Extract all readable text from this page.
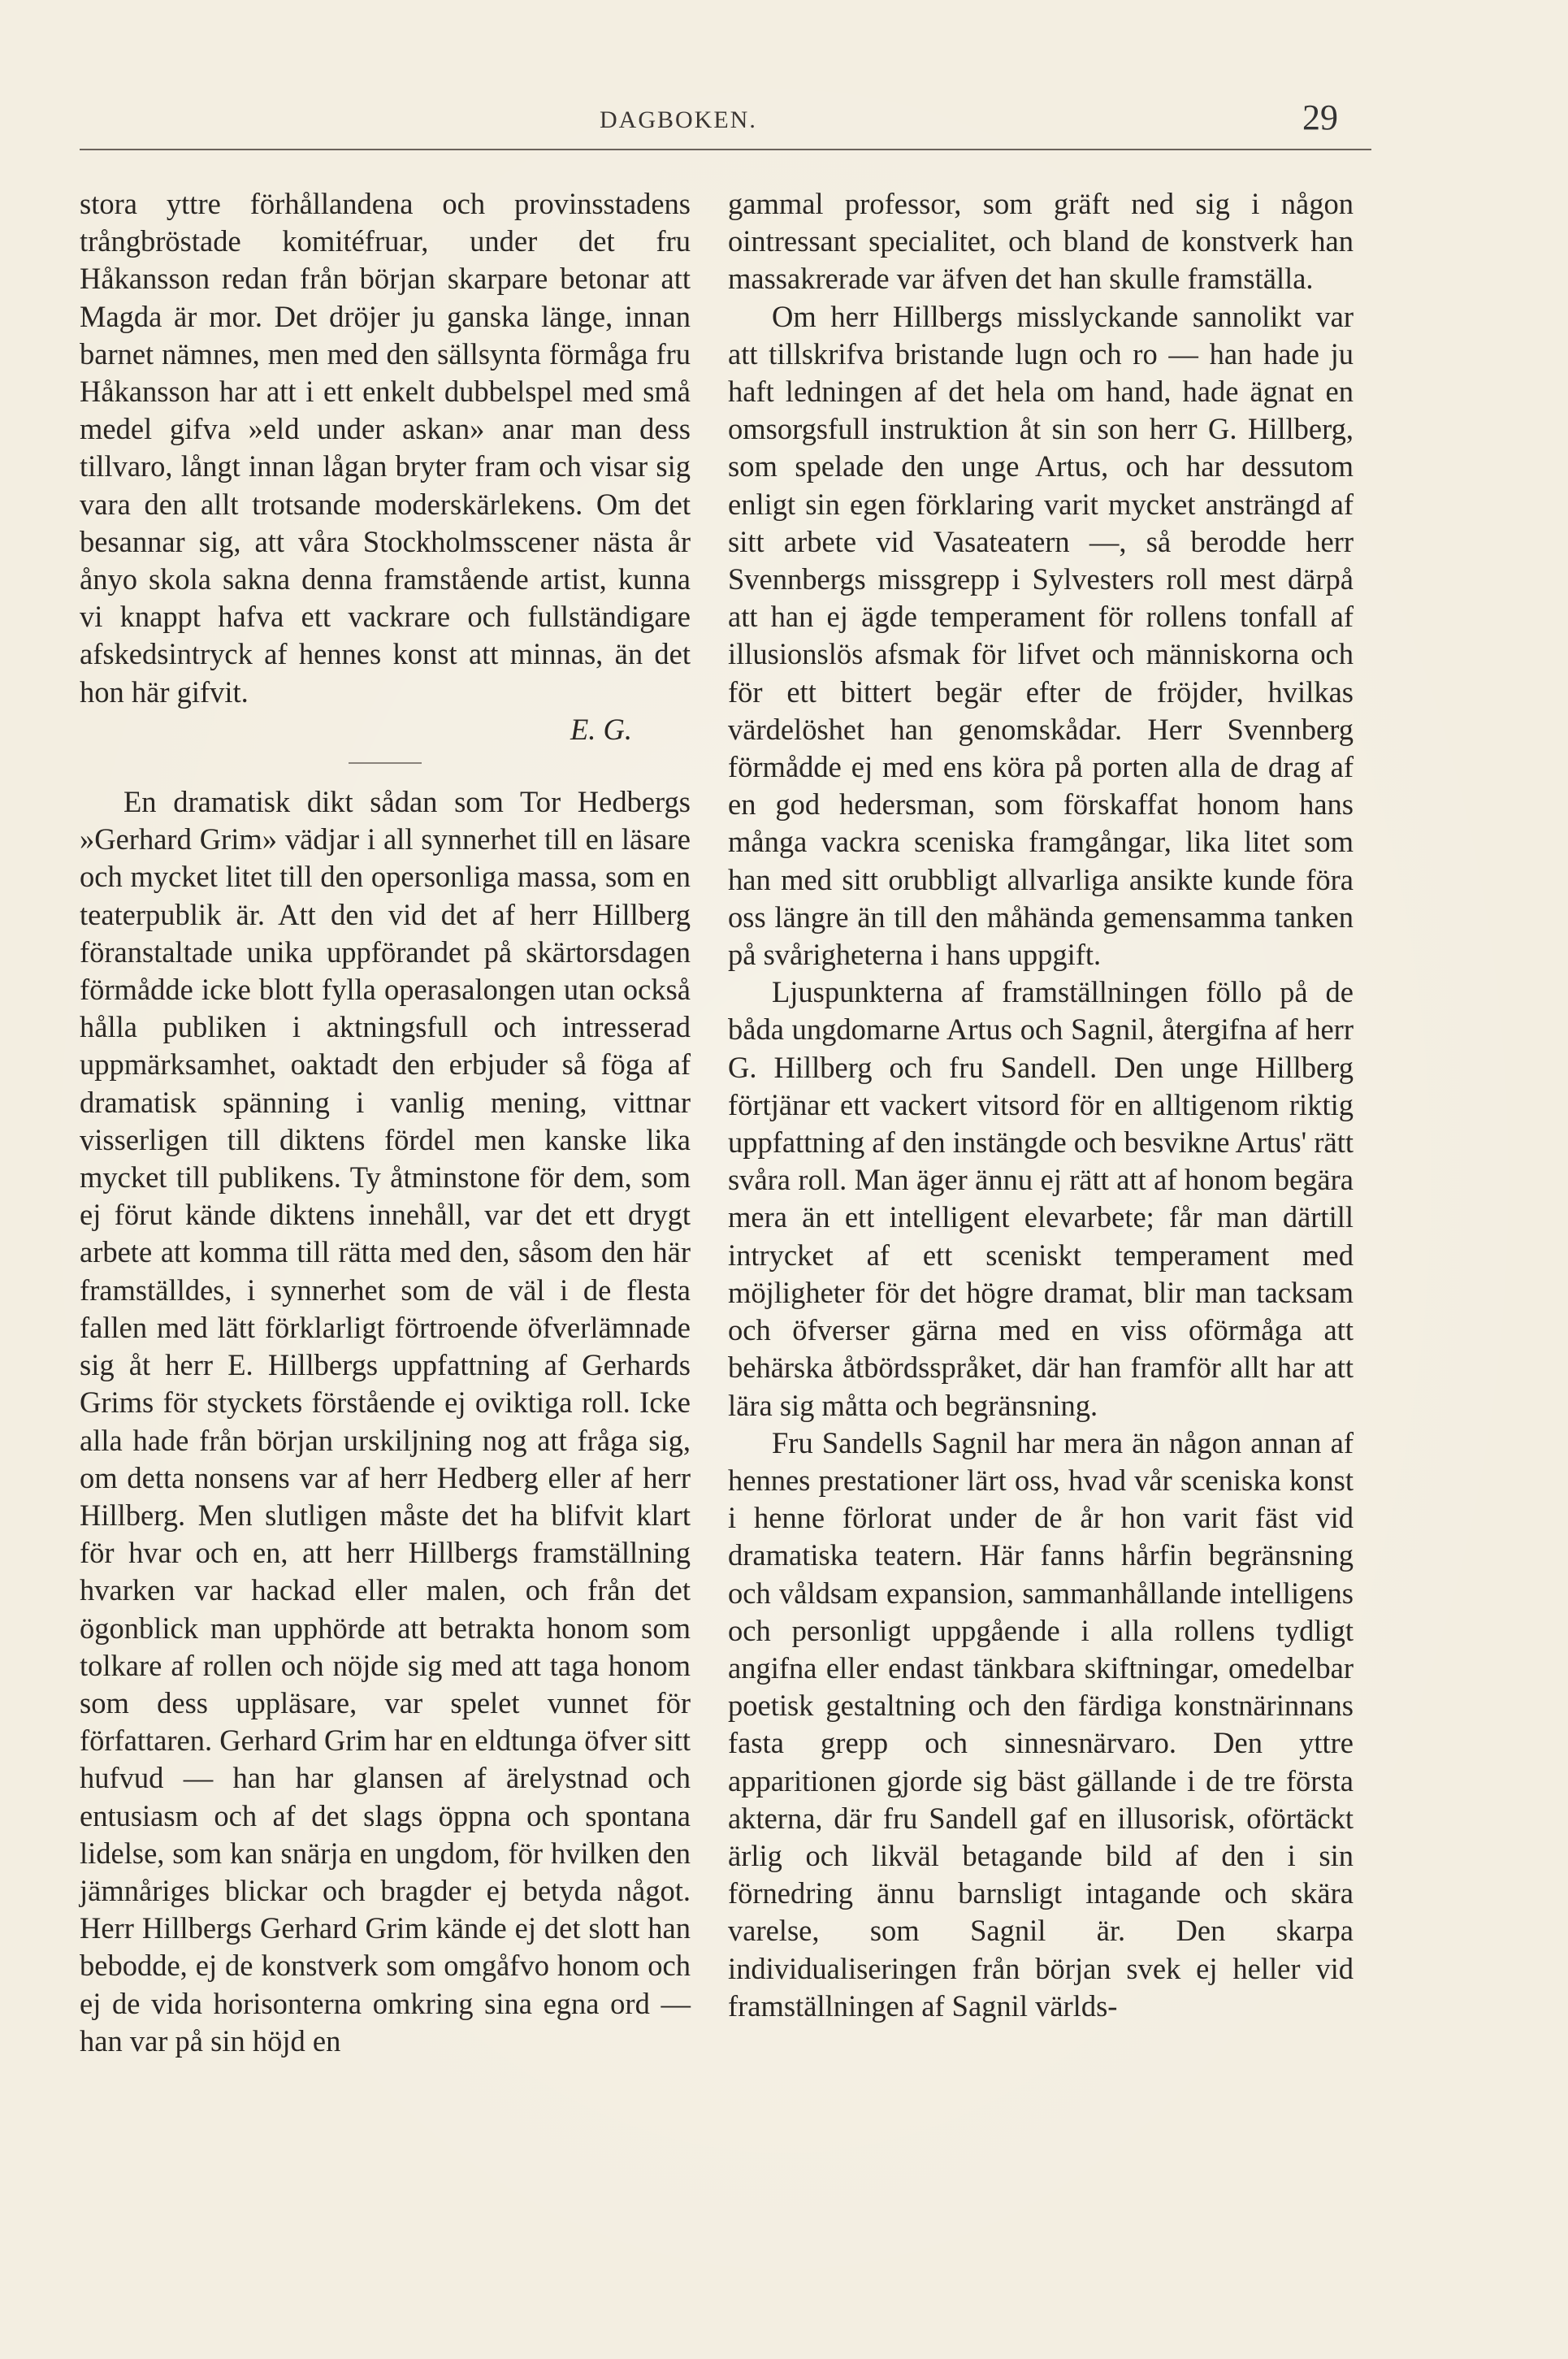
DAGBOKEN.	29

stora yttre förhållandena och provinsstadens trångbröstade komitéfruar, under det fru Håkansson redan från början skarpare betonar att Magda är mor. Det dröjer ju ganska länge, innan barnet nämnes, men med den sällsynta förmåga fru Håkansson har att i ett enkelt dubbelspel med små medel gifva »eld under askan» anar man dess tillvaro, långt innan lågan bryter fram och visar sig vara den allt trotsande moderskärlekens. Om det besannar sig, att våra Stockholmsscener nästa år ånyo skola sakna denna framstående artist, kunna vi knappt hafva ett vackrare och fullständigare afskedsintryck af hennes konst att minnas, än det hon här gifvit.

E. G.

En dramatisk dikt sådan som Tor Hedbergs »Gerhard Grim» vädjar i all synnerhet till en läsare och mycket litet till den opersonliga massa, som en teaterpublik är. Att den vid det af herr Hillberg föranstaltade unika uppförandet på skärtorsdagen förmådde icke blott fylla operasalongen utan också hålla publiken i aktningsfull och intresserad uppmärksamhet, oaktadt den erbjuder så föga af dramatisk spänning i vanlig mening, vittnar visserligen till diktens fördel men kanske lika mycket till publikens. Ty åtminstone för dem, som ej förut kände diktens innehåll, var det ett drygt arbete att komma till rätta med den, såsom den här framställdes, i synnerhet som de väl i de flesta fallen med lätt förklarligt förtroende öfverlämnade sig åt herr E. Hillbergs uppfattning af Gerhards Grims för styckets förstående ej oviktiga roll. Icke alla hade från början urskiljning nog att fråga sig, om detta nonsens var af herr Hedberg eller af herr Hillberg. Men slutligen måste det ha blifvit klart för hvar och en, att herr Hillbergs framställning hvarken var hackad eller malen, och från det ögonblick man upphörde att betrakta honom som tolkare af rollen och nöjde sig med att taga honom som dess uppläsare, var spelet vunnet för författaren. Gerhard Grim har en eldtunga öfver sitt hufvud — han har glansen af ärelystnad och entusiasm och af det slags öppna och spontana lidelse, som kan snärja en ungdom, för hvilken den jämnåriges blickar och bragder ej betyda något. Herr Hillbergs Gerhard Grim kände ej det slott han bebodde, ej de konstverk som omgåfvo honom och ej de vida horisonterna omkring sina egna ord — han var på sin höjd en

gammal professor, som gräft ned sig i någon ointressant specialitet, och bland de konstverk han massakrerade var äfven det han skulle framställa.

Om herr Hillbergs misslyckande sannolikt var att tillskrifva bristande lugn och ro — han hade ju haft ledningen af det hela om hand, hade ägnat en omsorgsfull instruktion åt sin son herr G. Hillberg, som spelade den unge Artus, och har dessutom enligt sin egen förklaring varit mycket ansträngd af sitt arbete vid Vasateatern —, så berodde herr Svennbergs missgrepp i Sylvesters roll mest därpå att han ej ägde temperament för rollens tonfall af illusionslös afsmak för lifvet och människorna och för ett bittert begär efter de fröjder, hvilkas värdelöshet han genomskådar. Herr Svennberg förmådde ej med ens köra på porten alla de drag af en god hedersman, som förskaffat honom hans många vackra sceniska framgångar, lika litet som han med sitt orubbligt allvarliga ansikte kunde föra oss längre än till den måhända gemensamma tanken på svårigheterna i hans uppgift.

Ljuspunkterna af framställningen föllo på de båda ungdomarne Artus och Sagnil, återgifna af herr G. Hillberg och fru Sandell. Den unge Hillberg förtjänar ett vackert vitsord för en alltigenom riktig uppfattning af den instängde och besvikne Artus' rätt svåra roll. Man äger ännu ej rätt att af honom begära mera än ett intelligent elevarbete; får man därtill intrycket af ett sceniskt temperament med möjligheter för det högre dramat, blir man tacksam och öfverser gärna med en viss oförmåga att behärska åtbördsspråket, där han framför allt har att lära sig måtta och begränsning.

Fru Sandells Sagnil har mera än någon annan af hennes prestationer lärt oss, hvad vår sceniska konst i henne förlorat under de år hon varit fäst vid dramatiska teatern. Här fanns hårfin begränsning och våldsam expansion, sammanhållande intelligens och personligt uppgående i alla rollens tydligt angifna eller endast tänkbara skiftningar, omedelbar poetisk gestaltning och den färdiga konstnärinnans fasta grepp och sinnesnärvaro. Den yttre apparitionen gjorde sig bäst gällande i de tre första akterna, där fru Sandell gaf en illusorisk, oförtäckt ärlig och likväl betagande bild af den i sin förnedring ännu barnsligt intagande och skära varelse, som Sagnil är. Den skarpa individualiseringen från början svek ej heller vid framställningen af Sagnil världs-
